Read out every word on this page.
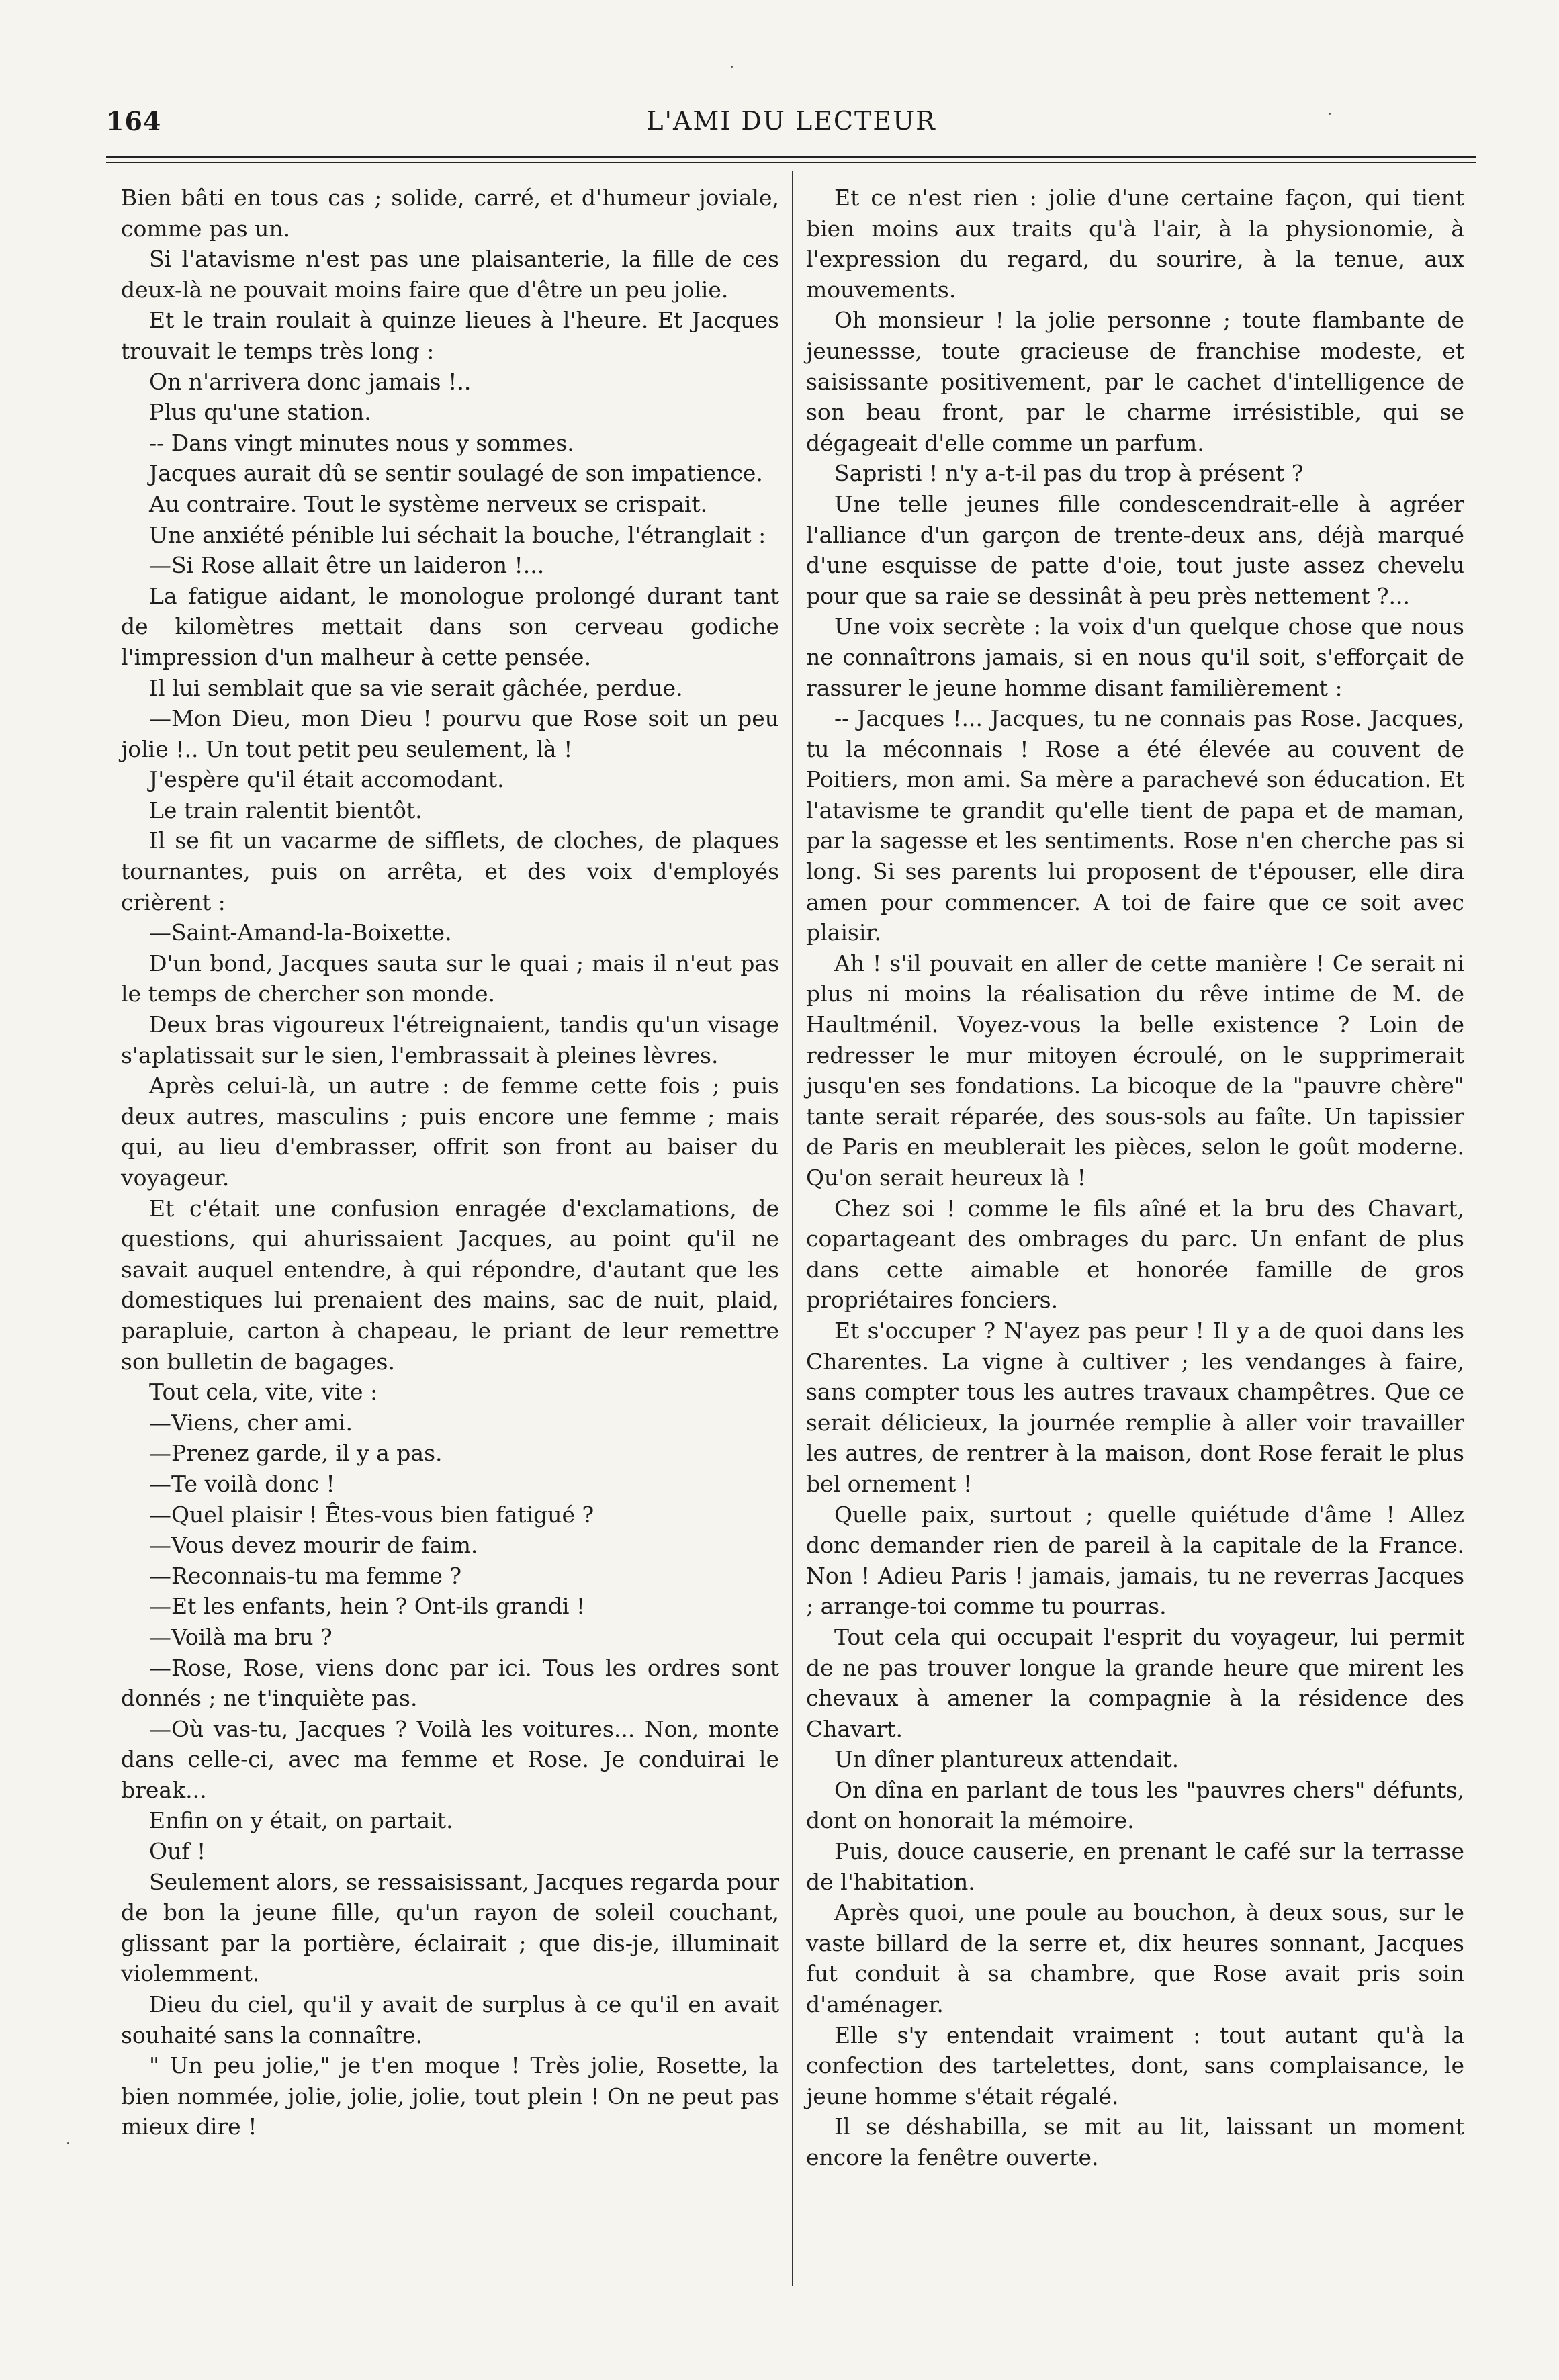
164	L'AMI DU LECTEUR

Bien bâti en tous cas ; solide, carré, et d'humeur joviale, comme pas un.

Si l'atavisme n'est pas une plaisanterie, la fille de ces deux-là ne pouvait moins faire que d'être un peu jolie.

Et le train roulait à quinze lieues à l'heure. Et Jacques trouvait le temps très long :

On n'arrivera donc jamais !..

Plus qu'une station.

-- Dans vingt minutes nous y sommes.

Jacques aurait dû se sentir soulagé de son impatience.

Au contraire. Tout le système nerveux se crispait.

Une anxiété pénible lui séchait la bouche, l'étranglait :

—Si Rose allait être un laideron !...

La fatigue aidant, le monologue prolongé durant tant de kilomètres mettait dans son cerveau godiche l'impression d'un malheur à cette pensée.

Il lui semblait que sa vie serait gâchée, perdue.

—Mon Dieu, mon Dieu ! pourvu que Rose soit un peu jolie !.. Un tout petit peu seulement, là !

J'espère qu'il était accomodant.

Le train ralentit bientôt.

Il se fit un vacarme de sifflets, de cloches, de plaques tournantes, puis on arrêta, et des voix d'employés crièrent :

—Saint-Amand-la-Boixette.

D'un bond, Jacques sauta sur le quai ; mais il n'eut pas le temps de chercher son monde.

Deux bras vigoureux l'étreignaient, tandis qu'un visage s'aplatissait sur le sien, l'embrassait à pleines lèvres.

Après celui-là, un autre : de femme cette fois ; puis deux autres, masculins ; puis encore une femme ; mais qui, au lieu d'embrasser, offrit son front au baiser du voyageur.

Et c'était une confusion enragée d'exclamations, de questions, qui ahurissaient Jacques, au point qu'il ne savait auquel entendre, à qui répondre, d'autant que les domestiques lui prenaient des mains, sac de nuit, plaid, parapluie, carton à chapeau, le priant de leur remettre son bulletin de bagages.

Tout cela, vite, vite :

—Viens, cher ami.

—Prenez garde, il y a pas.

—Te voilà donc !

—Quel plaisir ! Êtes-vous bien fatigué ?

—Vous devez mourir de faim.

—Reconnais-tu ma femme ?

—Et les enfants, hein ? Ont-ils grandi !

—Voilà ma bru ?

—Rose, Rose, viens donc par ici. Tous les ordres sont donnés ; ne t'inquiète pas.

—Où vas-tu, Jacques ? Voilà les voitures... Non, monte dans celle-ci, avec ma femme et Rose. Je conduirai le break...

Enfin on y était, on partait.

Ouf !

Seulement alors, se ressaisissant, Jacques regarda pour de bon la jeune fille, qu'un rayon de soleil couchant, glissant par la portière, éclairait ; que dis-je, illuminait violemment.

Dieu du ciel, qu'il y avait de surplus à ce qu'il en avait souhaité sans la connaître.

" Un peu jolie," je t'en moque ! Très jolie, Rosette, la bien nommée, jolie, jolie, jolie, tout plein ! On ne peut pas mieux dire !

Et ce n'est rien : jolie d'une certaine façon, qui tient bien moins aux traits qu'à l'air, à la physionomie, à l'expression du regard, du sourire, à la tenue, aux mouvements.

Oh monsieur ! la jolie personne ; toute flambante de jeunessse, toute gracieuse de franchise modeste, et saisissante positivement, par le cachet d'intelligence de son beau front, par le charme irrésistible, qui se dégageait d'elle comme un parfum.

Sapristi ! n'y a-t-il pas du trop à présent ?

Une telle jeunes fille condescendrait-elle à agréer l'alliance d'un garçon de trente-deux ans, déjà marqué d'une esquisse de patte d'oie, tout juste assez chevelu pour que sa raie se dessinât à peu près nettement ?...

Une voix secrète : la voix d'un quelque chose que nous ne connaîtrons jamais, si en nous qu'il soit, s'efforçait de rassurer le jeune homme disant familièrement :

-- Jacques !... Jacques, tu ne connais pas Rose. Jacques, tu la méconnais ! Rose a été élevée au couvent de Poitiers, mon ami. Sa mère a parachevé son éducation. Et l'atavisme te grandit qu'elle tient de papa et de maman, par la sagesse et les sentiments. Rose n'en cherche pas si long. Si ses parents lui proposent de t'épouser, elle dira amen pour commencer. A toi de faire que ce soit avec plaisir.

Ah ! s'il pouvait en aller de cette manière ! Ce serait ni plus ni moins la réalisation du rêve intime de M. de Haultménil. Voyez-vous la belle existence ? Loin de redresser le mur mitoyen écroulé, on le supprimerait jusqu'en ses fondations. La bicoque de la "pauvre chère" tante serait réparée, des sous-sols au faîte. Un tapissier de Paris en meublerait les pièces, selon le goût moderne. Qu'on serait heureux là !

Chez soi ! comme le fils aîné et la bru des Chavart, copartageant des ombrages du parc. Un enfant de plus dans cette aimable et honorée famille de gros propriétaires fonciers.

Et s'occuper ? N'ayez pas peur ! Il y a de quoi dans les Charentes. La vigne à cultiver ; les vendanges à faire, sans compter tous les autres travaux champêtres. Que ce serait délicieux, la journée remplie à aller voir travailler les autres, de rentrer à la maison, dont Rose ferait le plus bel ornement !

Quelle paix, surtout ; quelle quiétude d'âme ! Allez donc demander rien de pareil à la capitale de la France. Non ! Adieu Paris ! jamais, jamais, tu ne reverras Jacques ; arrange-toi comme tu pourras.

Tout cela qui occupait l'esprit du voyageur, lui permit de ne pas trouver longue la grande heure que mirent les chevaux à amener la compagnie à la résidence des Chavart.

Un dîner plantureux attendait.

On dîna en parlant de tous les "pauvres chers" défunts, dont on honorait la mémoire.

Puis, douce causerie, en prenant le café sur la terrasse de l'habitation.

Après quoi, une poule au bouchon, à deux sous, sur le vaste billard de la serre et, dix heures sonnant, Jacques fut conduit à sa chambre, que Rose avait pris soin d'aménager.

Elle s'y entendait vraiment : tout autant qu'à la confection des tartelettes, dont, sans complaisance, le jeune homme s'était régalé.

Il se déshabilla, se mit au lit, laissant un moment encore la fenêtre ouverte.
